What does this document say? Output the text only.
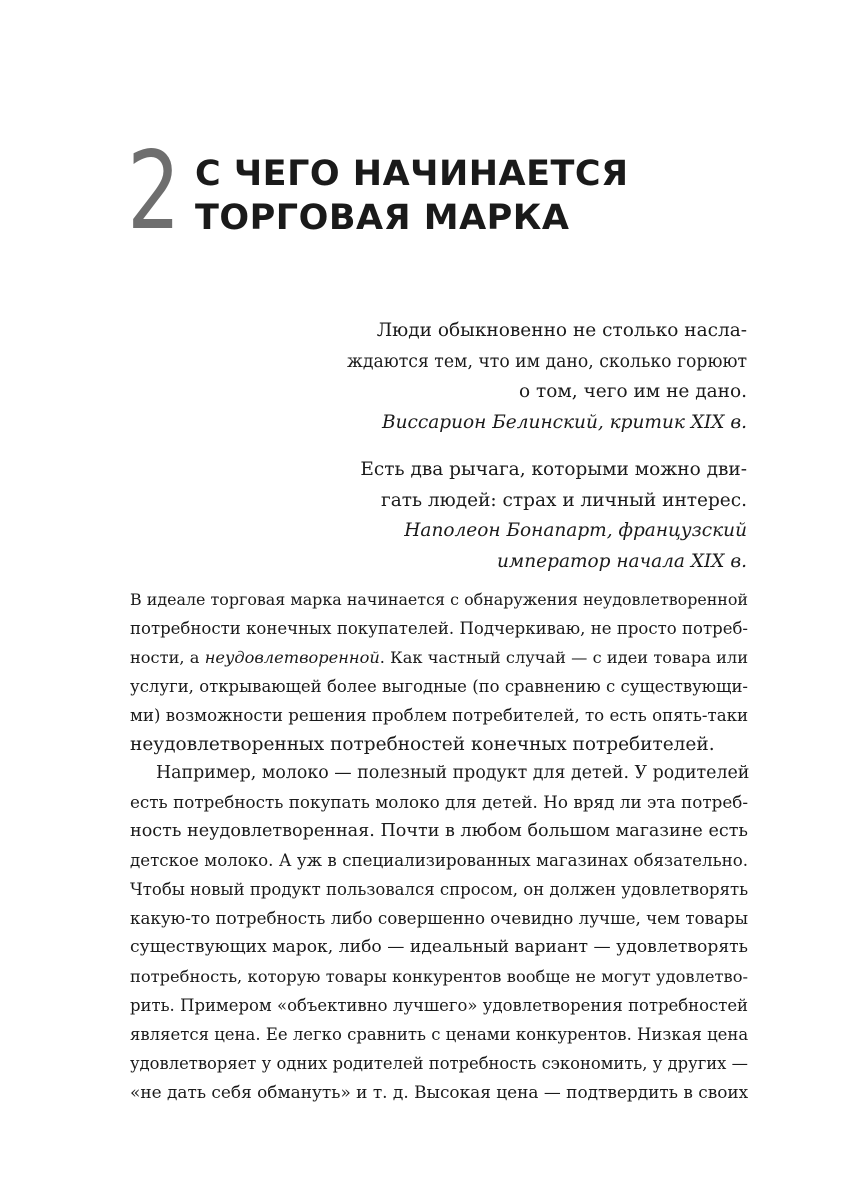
2 С ЧЕГО НАЧИНАЕТСЯ
ТОРГОВАЯ МАРКА
Люди обыкновенно не столько насла-
ждаются тем, что им дано, сколько горюют
о том, чего им не дано.
Виссарион Белинский, критик XIX в.
Есть два рычага, которыми можно дви-
гать людей: страх и личный интерес.
Наполеон Бонапарт, французский
император начала XIX в.

В идеале торговая марка начинается с обнаружения неудовлетворенной
потребности конечных покупателей. Подчеркиваю, не просто потреб-
ности, а неудовлетворенной. Как частный случай — с идеи товара или
услуги, открывающей более выгодные (по сравнению с существующи-
ми) возможности решения проблем потребителей, то есть опять-таки
неудовлетворенных потребностей конечных потребителей.

Например, молоко — полезный продукт для детей. У родителей
есть потребность покупать молоко для детей. Но вряд ли эта потреб-
ность неудовлетворенная. Почти в любом большом магазине есть
детское молоко. А уж в специализированных магазинах обязательно.
Чтобы новый продукт пользовался спросом, он должен удовлетворять
какую-то потребность либо совершенно очевидно лучше, чем товары
существующих марок, либо — идеальный вариант — удовлетворять
потребность, которую товары конкурентов вообще не могут удовлетво-
рить. Примером «объективно лучшего» удовлетворения потребностей
является цена. Ее легко сравнить с ценами конкурентов. Низкая цена
удовлетворяет у одних родителей потребность сэкономить, у других —
«не дать себя обмануть» и т. д. Высокая цена — подтвердить в своих
